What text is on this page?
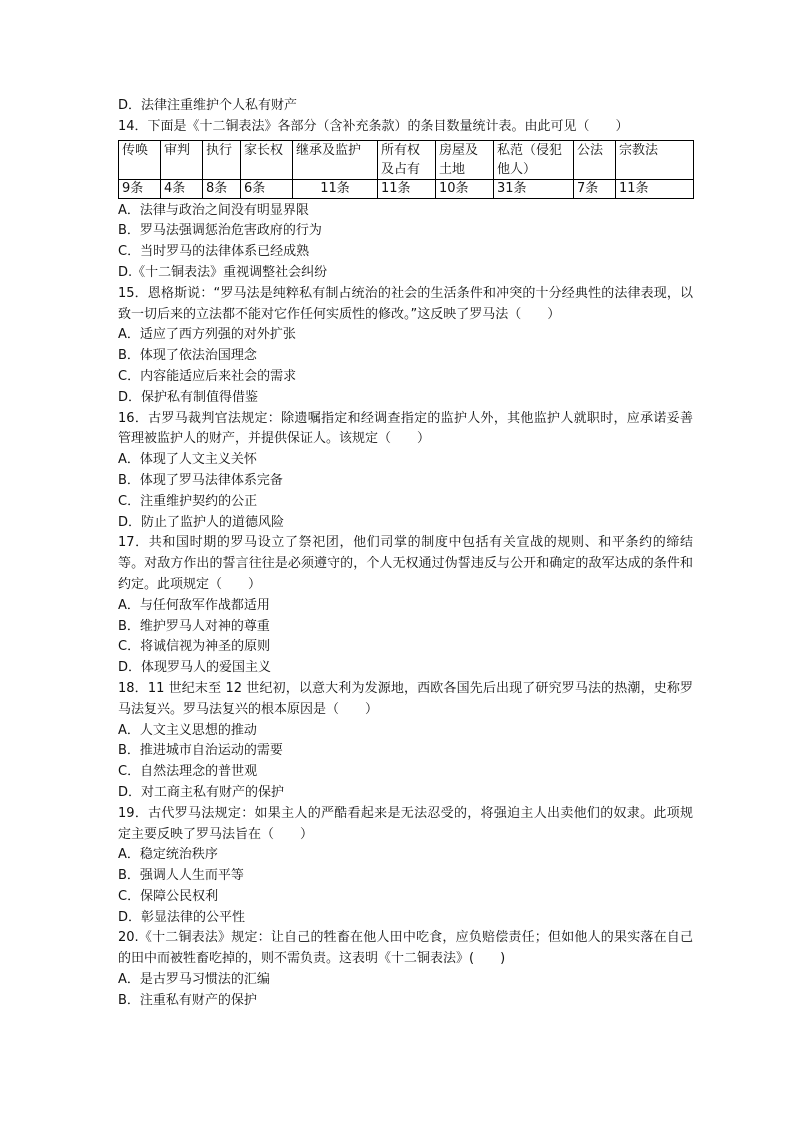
D．法律注重维护个人私有财产
14．下面是《十二铜表法》各部分（含补充条款）的条目数量统计表。由此可见（　　）
传唤	审判	执行	家长权	继承及监护	所有权及占有	房屋及土地	私范（侵犯他人）	公法	宗教法
9条	4条	8条	6条	11条	11条	10条	31条	7条	11条
A．法律与政治之间没有明显界限
B．罗马法强调惩治危害政府的行为
C．当时罗马的法律体系已经成熟
D.《十二铜表法》重视调整社会纠纷
15．恩格斯说：“罗马法是纯粹私有制占统治的社会的生活条件和冲突的十分经典性的法律表现，以致一切后来的立法都不能对它作任何实质性的修改。”这反映了罗马法（　　）
A．适应了西方列强的对外扩张
B．体现了依法治国理念
C．内容能适应后来社会的需求
D．保护私有制值得借鉴
16．古罗马裁判官法规定：除遗嘱指定和经调查指定的监护人外，其他监护人就职时，应承诺妥善管理被监护人的财产，并提供保证人。该规定（　　）
A．体现了人文主义关怀
B．体现了罗马法律体系完备
C．注重维护契约的公正
D．防止了监护人的道德风险
17．共和国时期的罗马设立了祭祀团，他们司掌的制度中包括有关宣战的规则、和平条约的缔结等。对敌方作出的誓言往往是必须遵守的，个人无权通过伪誓违反与公开和确定的敌军达成的条件和约定。此项规定（　　）
A．与任何敌军作战都适用
B．维护罗马人对神的尊重
C．将诚信视为神圣的原则
D．体现罗马人的爱国主义
18．11 世纪末至 12 世纪初，以意大利为发源地，西欧各国先后出现了研究罗马法的热潮，史称罗马法复兴。罗马法复兴的根本原因是（　　）
A．人文主义思想的推动
B．推进城市自治运动的需要
C．自然法理念的普世观
D．对工商主私有财产的保护
19．古代罗马法规定：如果主人的严酷看起来是无法忍受的，将强迫主人出卖他们的奴隶。此项规定主要反映了罗马法旨在（　　）
A．稳定统治秩序
B．强调人人生而平等
C．保障公民权利
D．彰显法律的公平性
20.《十二铜表法》规定：让自己的牲畜在他人田中吃食，应负赔偿责任；但如他人的果实落在自己的田中而被牲畜吃掉的，则不需负责。这表明《十二铜表法》(　　)
A．是古罗马习惯法的汇编
B．注重私有财产的保护
